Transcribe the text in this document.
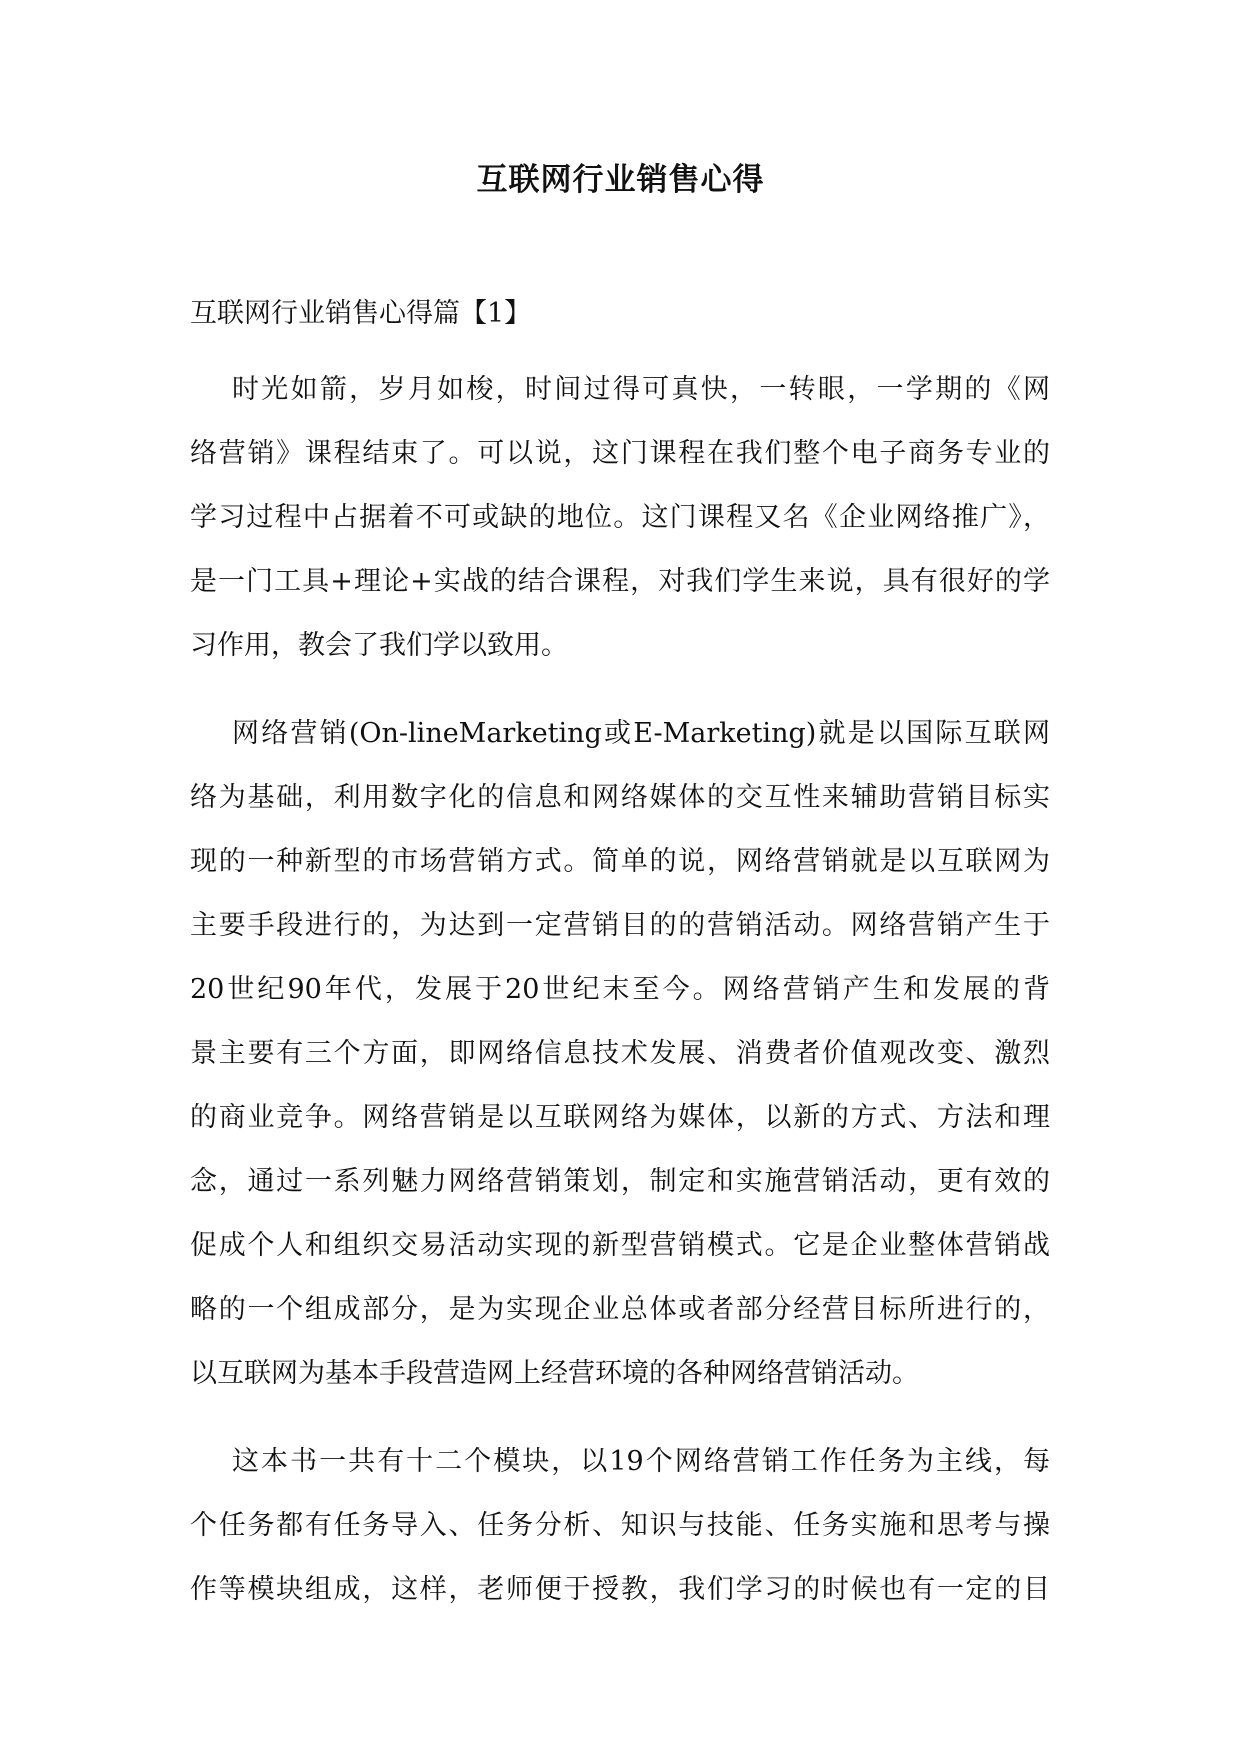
互联网行业销售心得

互联网行业销售心得篇【1】

时光如箭，岁月如梭，时间过得可真快，一转眼，一学期的《网
络营销》课程结束了。可以说，这门课程在我们整个电子商务专业的
学习过程中占据着不可或缺的地位。这门课程又名《企业网络推广》，
是一门工具+理论+实战的结合课程，对我们学生来说，具有很好的学
习作用，教会了我们学以致用。
网络营销(On-lineMarketing或E-Marketing)就是以国际互联网
络为基础，利用数字化的信息和网络媒体的交互性来辅助营销目标实
现的一种新型的市场营销方式。简单的说，网络营销就是以互联网为
主要手段进行的，为达到一定营销目的的营销活动。网络营销产生于
20世纪90年代，发展于20世纪末至今。网络营销产生和发展的背
景主要有三个方面，即网络信息技术发展、消费者价值观改变、激烈
的商业竞争。网络营销是以互联网络为媒体，以新的方式、方法和理
念，通过一系列魅力网络营销策划，制定和实施营销活动，更有效的
促成个人和组织交易活动实现的新型营销模式。它是企业整体营销战
略的一个组成部分，是为实现企业总体或者部分经营目标所进行的，
以互联网为基本手段营造网上经营环境的各种网络营销活动。
这本书一共有十二个模块，以19个网络营销工作任务为主线，每
个任务都有任务导入、任务分析、知识与技能、任务实施和思考与操
作等模块组成，这样，老师便于授教，我们学习的时候也有一定的目
